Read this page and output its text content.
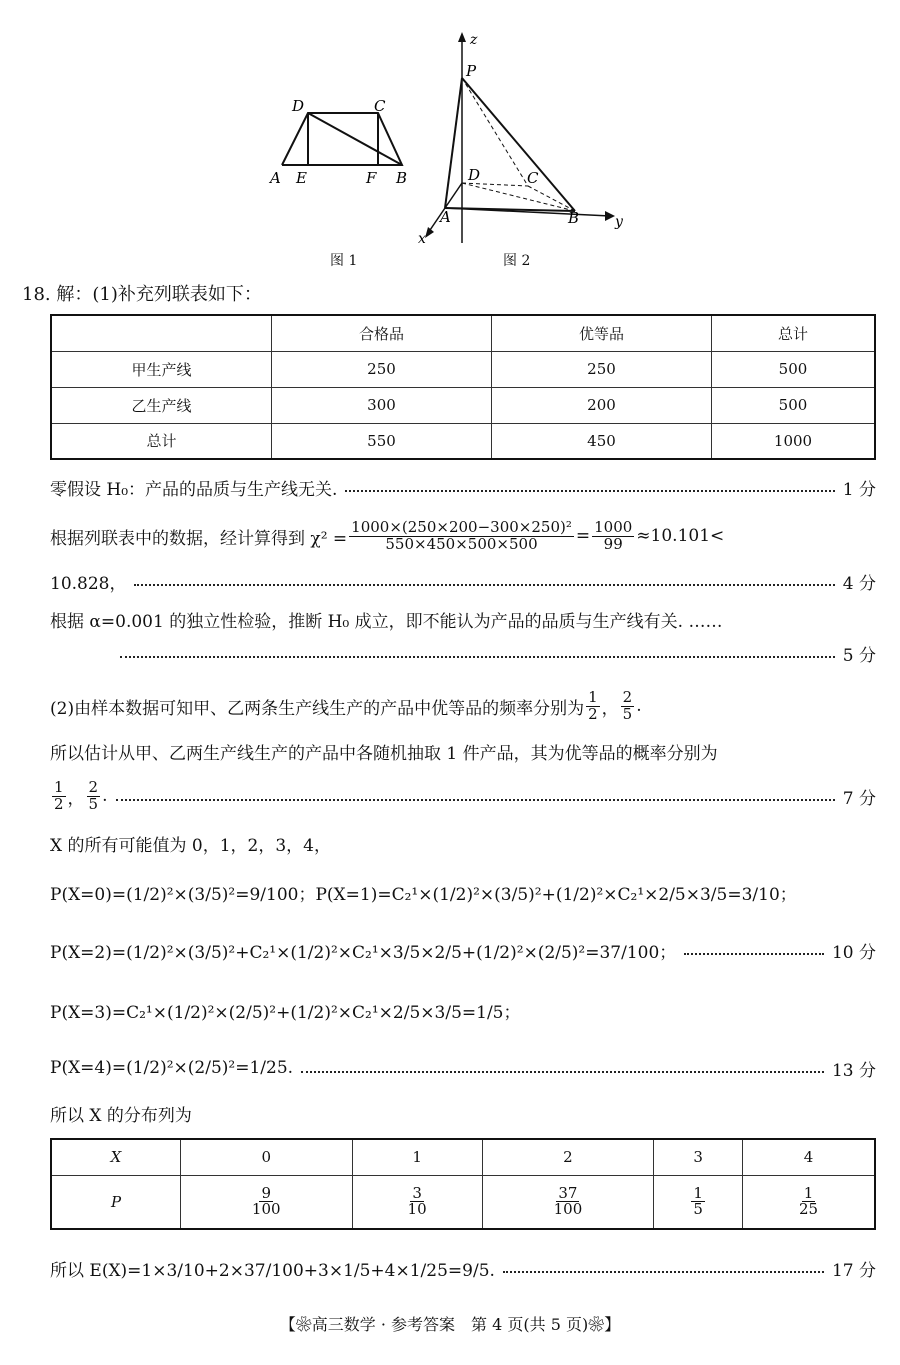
D	C
A E	F B
图 1
z
P
D	C
A	B
x
y
图 2
18. 解：(1)补充列联表如下：
	合格品	优等品	总计
甲生产线	250	250	500
乙生产线	300	200	500
总计	550	450	1000
零假设 H₀：产品的品质与生产线无关.	1 分
根据列联表中的数据，经计算得到 $\chi^2 = \frac{\text{1000×(250×200−300×250)²}}{550\times 450\times 500\times 500} = \frac{1000}{99} \approx 10.101<$
10.828，	4 分
根据 α=0.001 的独立性检验，推断 H₀ 成立，即不能认为产品的品质与生产线有关. ……
5 分
(2)由样本数据可知甲、乙两条生产线生产的产品中优等品的频率分别为 $\frac{1}{2}$ ， $\frac{2}{5}$ .
所以估计从甲、乙两生产线生产的产品中各随机抽取 1 件产品，其为优等品的概率分别为
$\frac{1}{2}$ ， $\frac{2}{5}$ .	7 分
X 的所有可能值为 0，1，2，3，4，
P(X=0)=(1/2)²×(3/5)²=9/100；P(X=1)=C₂¹×(1/2)²×(3/5)²+(1/2)²×C₂¹×2/5×3/5=3/10；
P(X=2)=(1/2)²×(3/5)²+C₂¹×(1/2)²×C₂¹×3/5×2/5+(1/2)²×(2/5)²=37/100；	10 分
P(X=3)=C₂¹×(1/2)²×(2/5)²+(1/2)²×C₂¹×2/5×3/5=1/5；
P(X=4)=(1/2)²×(2/5)²=1/25.	13 分
所以 X 的分布列为
X	0	1	2	3	4
P	$\frac{9}{100}$	$\frac{3}{10}$	$\frac{37}{100}$	$\frac{1}{5}$	$\frac{1}{25}$
所以 E(X)=1×3/10+2×37/100+3×1/5+4×1/25=9/5.	17 分
【❀高三数学 · 参考答案　第 4 页(共 5 页)❀】
